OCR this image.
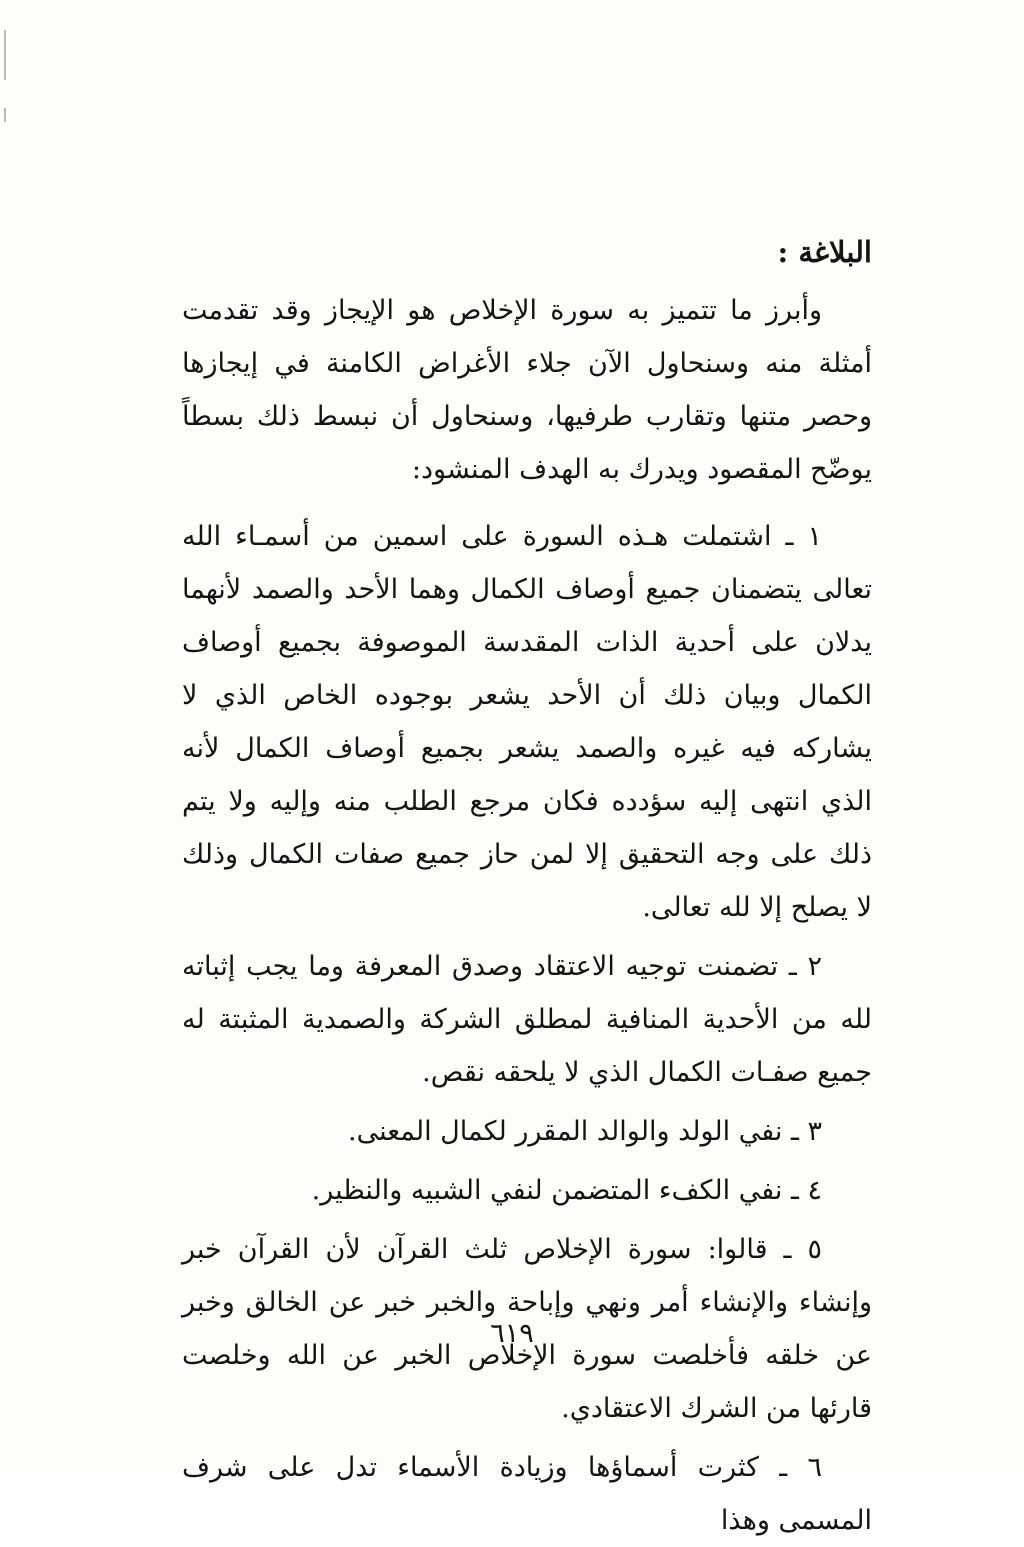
البلاغة :

وأبرز ما تتميز به سورة الإخلاص هو الإيجاز وقد تقدمت أمثلة منه وسنحاول الآن جلاء الأغراض الكامنة في إيجازها وحصر متنها وتقارب طرفيها، وسنحاول أن نبسط ذلك بسطاً يوضّح المقصود ويدرك به الهدف المنشود:

١ ـ اشتملت هـذه السورة على اسمين من أسمـاء الله تعالى يتضمنان جميع أوصاف الكمال وهما الأحد والصمد لأنهما يدلان على أحدية الذات المقدسة الموصوفة بجميع أوصاف الكمال وبيان ذلك أن الأحد يشعر بوجوده الخاص الذي لا يشاركه فيه غيره والصمد يشعر بجميع أوصاف الكمال لأنه الذي انتهى إليه سؤدده فكان مرجع الطلب منه وإليه ولا يتم ذلك على وجه التحقيق إلا لمن حاز جميع صفات الكمال وذلك لا يصلح إلا لله تعالى.

٢ ـ تضمنت توجيه الاعتقاد وصدق المعرفة وما يجب إثباته لله من الأحدية المنافية لمطلق الشركة والصمدية المثبتة له جميع صفـات الكمال الذي لا يلحقه نقص.

٣ ـ نفي الولد والوالد المقرر لكمال المعنى.

٤ ـ نفي الكفء المتضمن لنفي الشبيه والنظير.

٥ ـ قالوا: سورة الإخلاص ثلث القرآن لأن القرآن خبر وإنشاء والإنشاء أمر ونهي وإباحة والخبر خبر عن الخالق وخبر عن خلقه فأخلصت سورة الإخلاص الخبر عن الله وخلصت قارئها من الشرك الاعتقادي.

٦ ـ كثرت أسماؤها وزيادة الأسماء تدل على شرف المسمى وهذا

٦١٩
